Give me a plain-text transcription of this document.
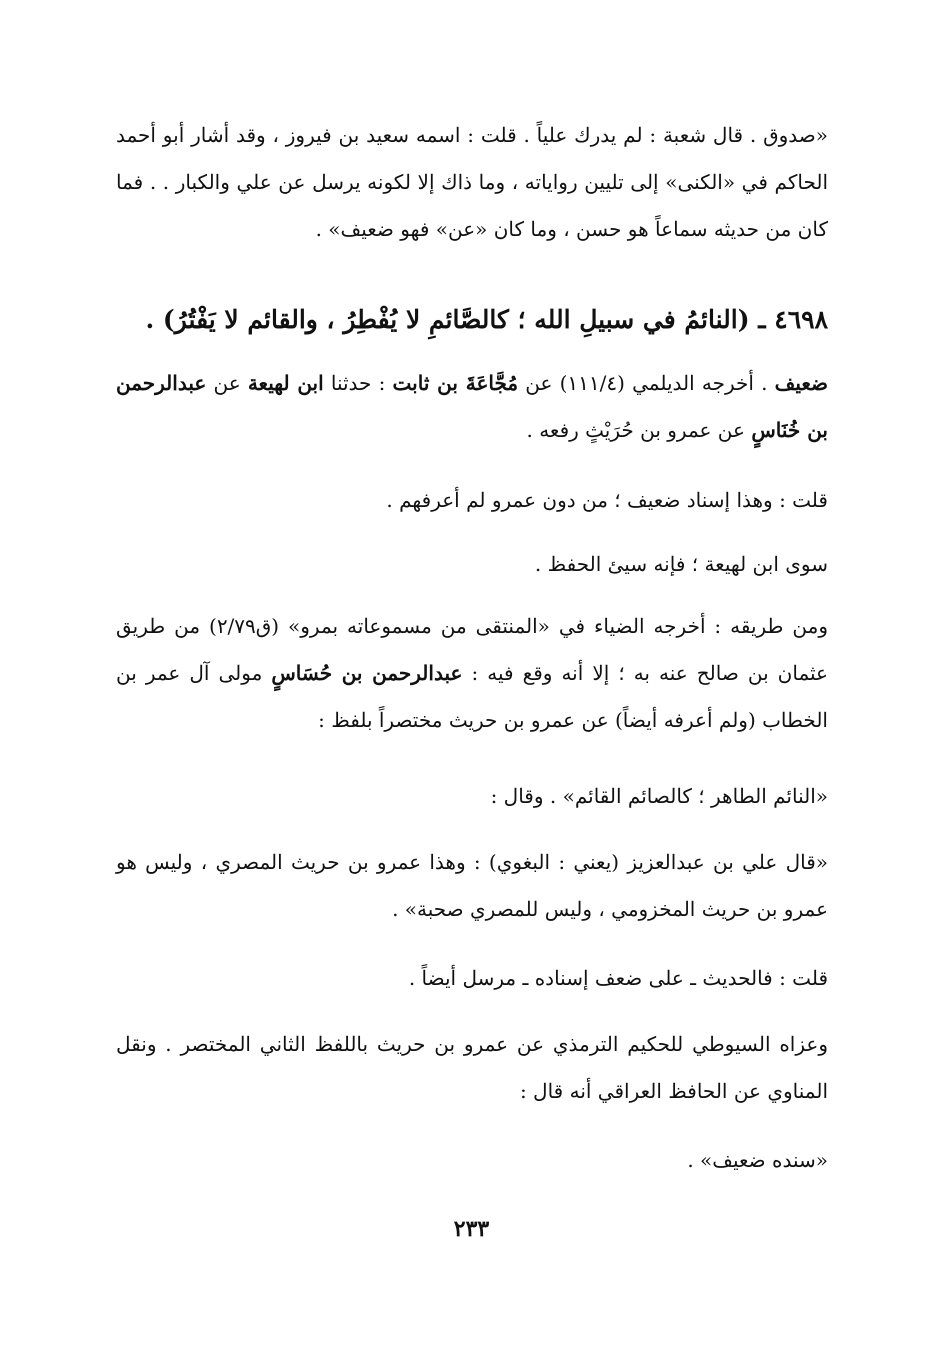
«صدوق . قال شعبة : لم يدرك علياً . قلت : اسمه سعيد بن فيروز ، وقد أشار أبو أحمد الحاكم في «الكنى» إلى تليين رواياته ، وما ذاك إلا لكونه يرسل عن علي والكبار . . فما كان من حديثه سماعاً هو حسن ، وما كان «عن» فهو ضعيف» .

٤٦٩٨ ـ (النائمُ في سبيلِ الله ؛ كالصَّائمِ لا يُفْطِرُ ، والقائم لا يَفْتُرُ) .

ضعيف . أخرجه الديلمي (١١١/٤) عن مُجَّاعَةَ بن ثابت : حدثنا ابن لهيعة عن عبدالرحمن بن خُنَاسٍ عن عمرو بن حُرَيْثٍ رفعه .

قلت : وهذا إسناد ضعيف ؛ من دون عمرو لم أعرفهم .

سوى ابن لهيعة ؛ فإنه سيئ الحفظ .

ومن طريقه : أخرجه الضياء في «المنتقى من مسموعاته بمرو» (ق٢/٧٩) من طريق عثمان بن صالح عنه به ؛ إلا أنه وقع فيه : عبدالرحمن بن حُسَاسٍ مولى آل عمر بن الخطاب (ولم أعرفه أيضاً) عن عمرو بن حريث مختصراً بلفظ :

«النائم الطاهر ؛ كالصائم القائم» . وقال :

«قال علي بن عبدالعزيز (يعني : البغوي) : وهذا عمرو بن حريث المصري ، وليس هو عمرو بن حريث المخزومي ، وليس للمصري صحبة» .

قلت : فالحديث ـ على ضعف إسناده ـ مرسل أيضاً .

وعزاه السيوطي للحكيم الترمذي عن عمرو بن حريث باللفظ الثاني المختصر . ونقل المناوي عن الحافظ العراقي أنه قال :

«سنده ضعيف» .

٢٣٣
